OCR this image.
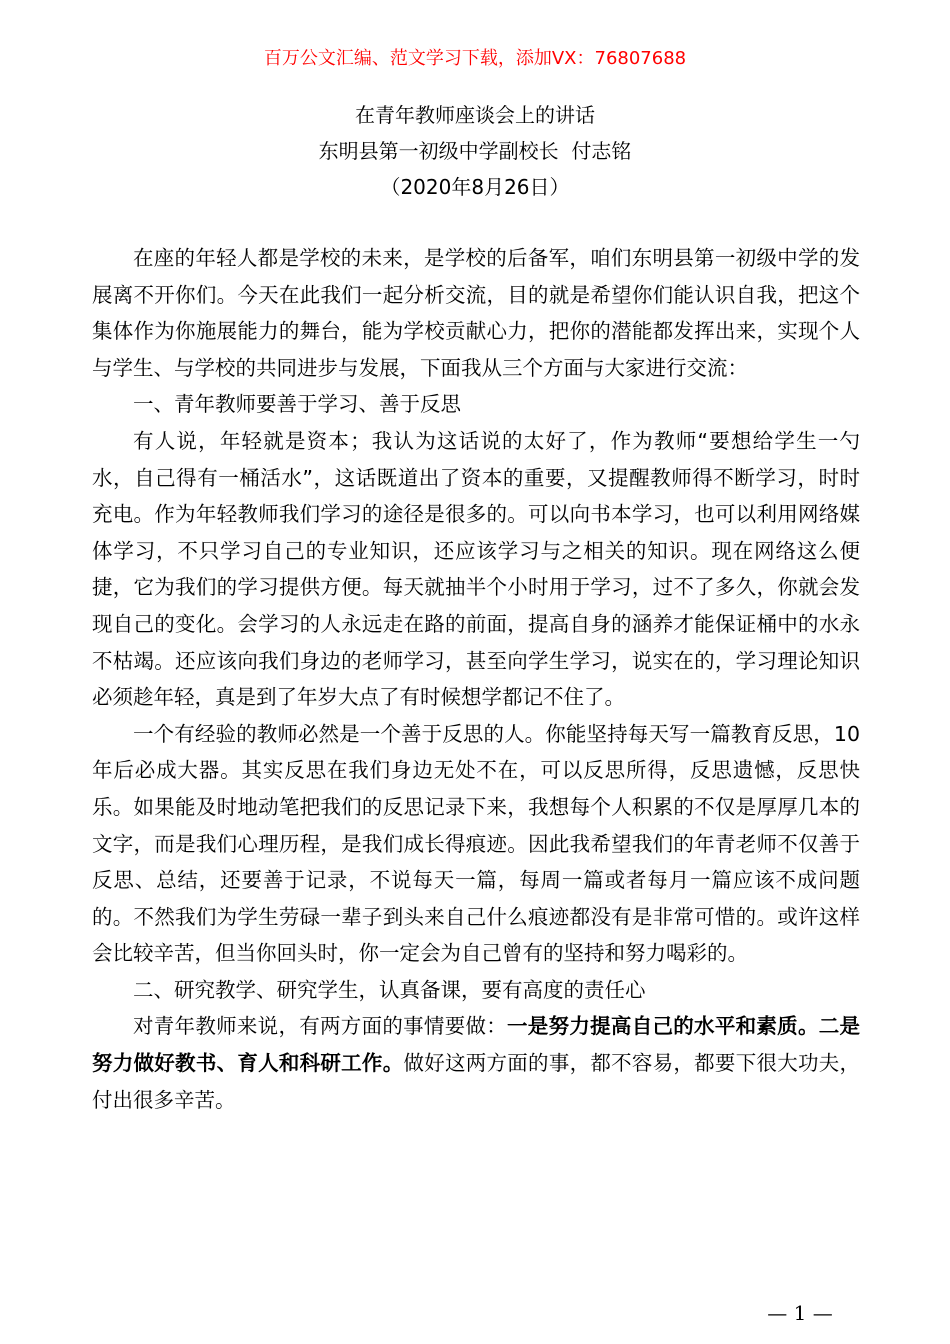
百万公文汇编、范文学习下载，添加VX：76807688
在青年教师座谈会上的讲话
东明县第一初级中学副校长  付志铭
（2020年8月26日）

在座的年轻人都是学校的未来，是学校的后备军，咱们东明县第一初级中学的发展离不开你们。今天在此我们一起分析交流，目的就是希望你们能认识自我，把这个集体作为你施展能力的舞台，能为学校贡献心力，把你的潜能都发挥出来，实现个人与学生、与学校的共同进步与发展，下面我从三个方面与大家进行交流：

一、青年教师要善于学习、善于反思

有人说，年轻就是资本；我认为这话说的太好了，作为教师“要想给学生一勺水，自己得有一桶活水”，这话既道出了资本的重要，又提醒教师得不断学习，时时充电。作为年轻教师我们学习的途径是很多的。可以向书本学习，也可以利用网络媒体学习，不只学习自己的专业知识，还应该学习与之相关的知识。现在网络这么便捷，它为我们的学习提供方便。每天就抽半个小时用于学习，过不了多久，你就会发现自己的变化。会学习的人永远走在路的前面，提高自身的涵养才能保证桶中的水永不枯竭。还应该向我们身边的老师学习，甚至向学生学习，说实在的，学习理论知识必须趁年轻，真是到了年岁大点了有时候想学都记不住了。

一个有经验的教师必然是一个善于反思的人。你能坚持每天写一篇教育反思，10年后必成大器。其实反思在我们身边无处不在，可以反思所得，反思遗憾，反思快乐。如果能及时地动笔把我们的反思记录下来，我想每个人积累的不仅是厚厚几本的文字，而是我们心理历程，是我们成长得痕迹。因此我希望我们的年青老师不仅善于反思、总结，还要善于记录，不说每天一篇，每周一篇或者每月一篇应该不成问题的。不然我们为学生劳碌一辈子到头来自己什么痕迹都没有是非常可惜的。或许这样会比较辛苦，但当你回头时，你一定会为自己曾有的坚持和努力喝彩的。

二、研究教学、研究学生，认真备课，要有高度的责任心

对青年教师来说，有两方面的事情要做：一是努力提高自己的水平和素质。二是努力做好教书、育人和科研工作。做好这两方面的事，都不容易，都要下很大功夫，付出很多辛苦。

— 1 —
